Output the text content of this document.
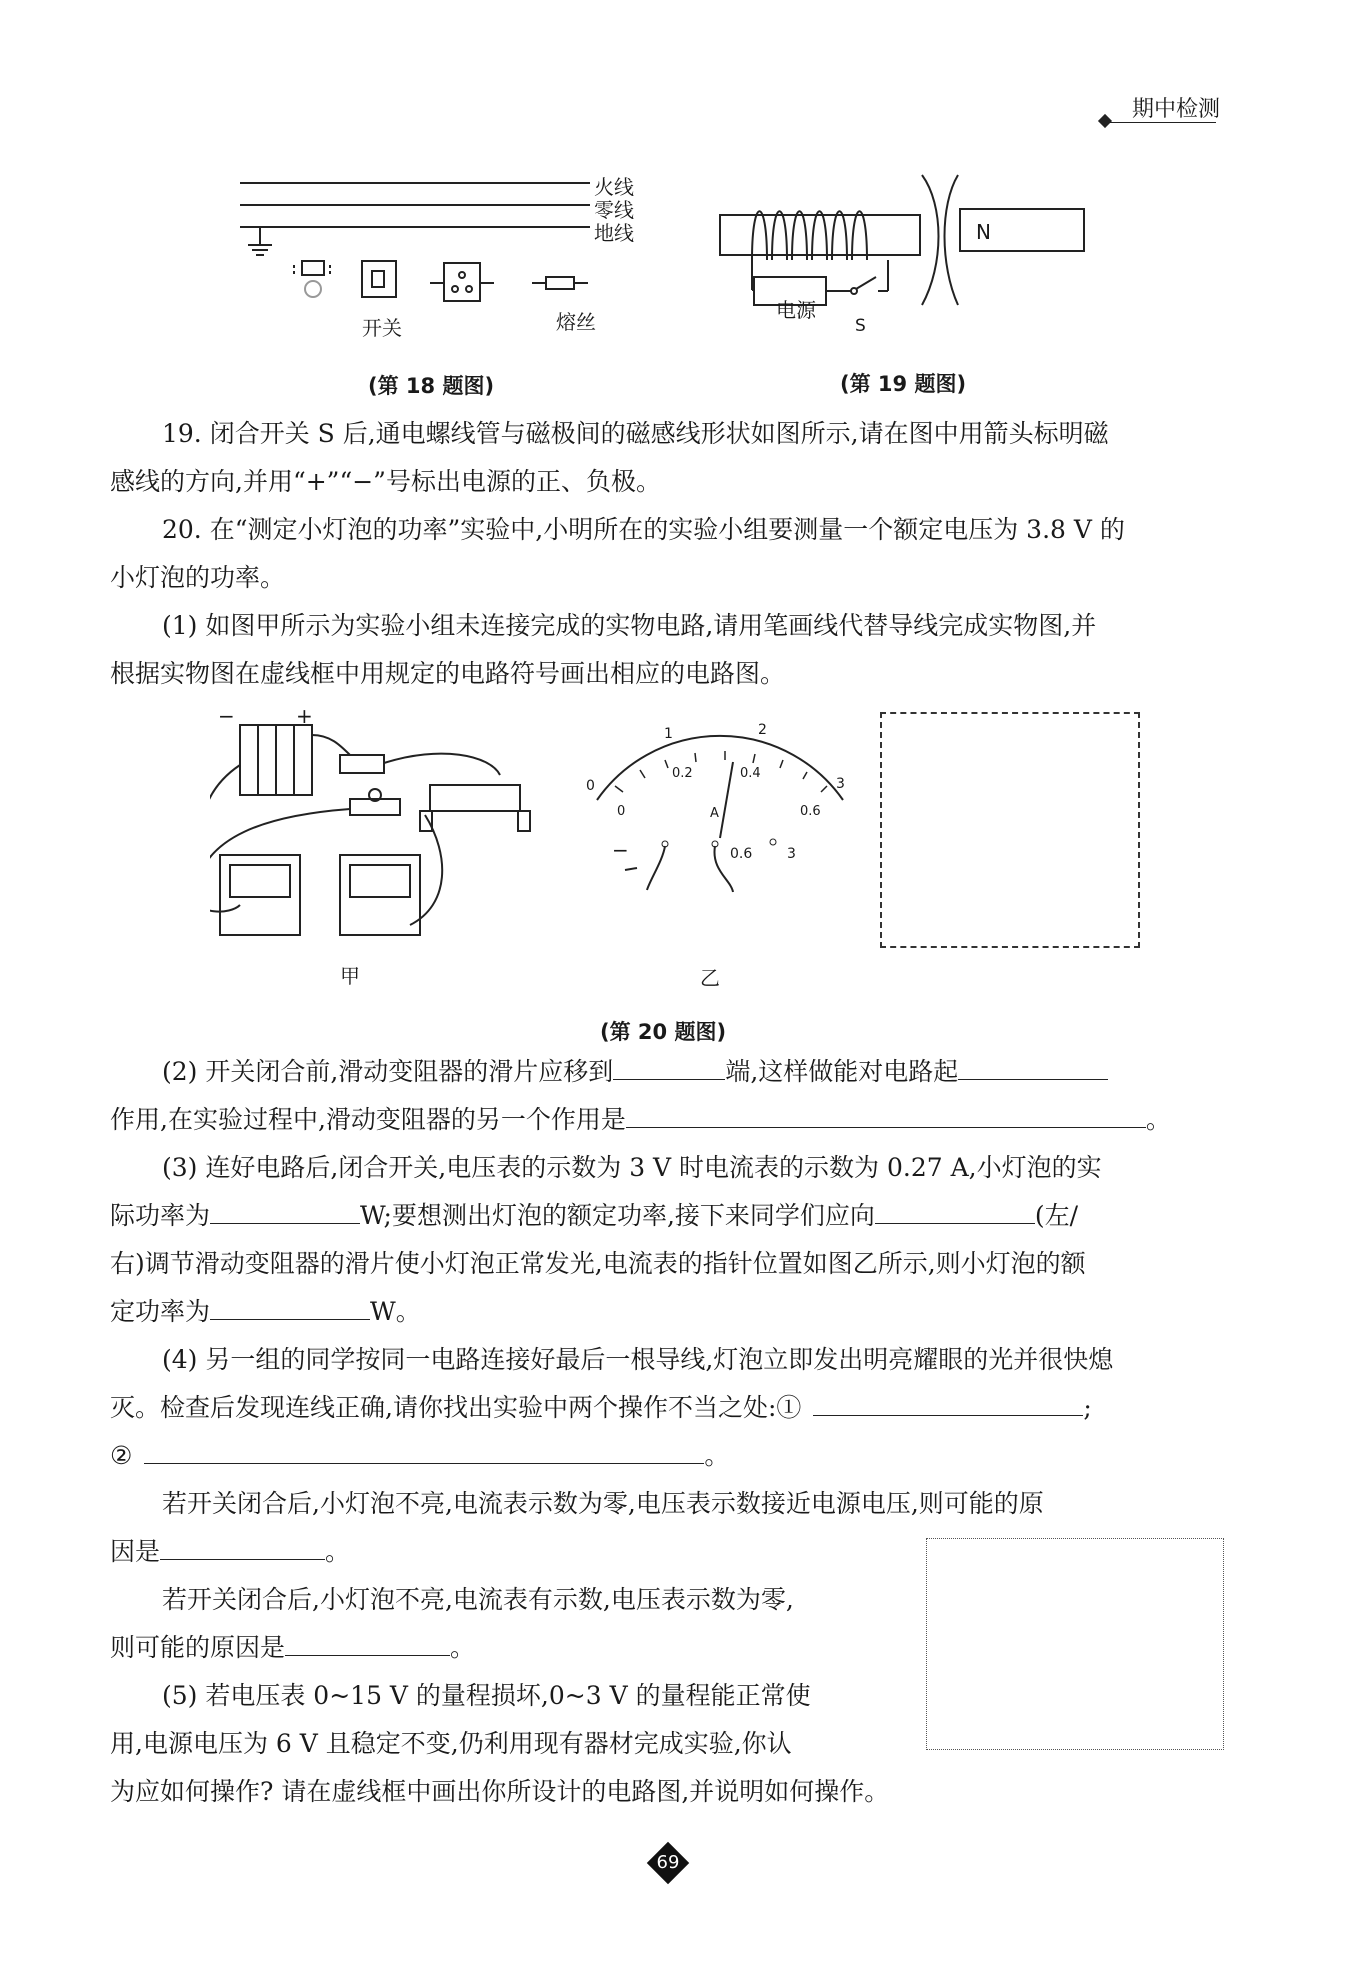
期中检测
火线
零线
地线
开关	熔丝
(第 18 题图)
N
电源
S
(第 19 题图)

19. 闭合开关 S 后,通电螺线管与磁极间的磁感线形状如图所示,请在图中用箭头标明磁

感线的方向,并用“+”“−”号标出电源的正、负极。

20. 在“测定小灯泡的功率”实验中,小明所在的实验小组要测量一个额定电压为 3.8 V 的

小灯泡的功率。

(1) 如图甲所示为实验小组未连接完成的实物电路,请用笔画线代替导线完成实物图,并

根据实物图在虚线框中用规定的电路符号画出相应的电路图。

−	+
甲
0
1	2
3
0
0.2	0.4
0.6
A
−	0.6 3
乙
(第 20 题图)

(2) 开关闭合前,滑动变阻器的滑片应移到	端,这样做能对电路起

作用,在实验过程中,滑动变阻器的另一个作用是	。

(3) 连好电路后,闭合开关,电压表的示数为 3 V 时电流表的示数为 0.27 A,小灯泡的实

际功率为	W;要想测出灯泡的额定功率,接下来同学们应向	(左/

右)调节滑动变阻器的滑片使小灯泡正常发光,电流表的指针位置如图乙所示,则小灯泡的额

定功率为	W。

(4) 另一组的同学按同一电路连接好最后一根导线,灯泡立即发出明亮耀眼的光并很快熄

灭。检查后发现连线正确,请你找出实验中两个操作不当之处:①	;

②	。

若开关闭合后,小灯泡不亮,电流表示数为零,电压表示数接近电源电压,则可能的原

因是	。

若开关闭合后,小灯泡不亮,电流表有示数,电压表示数为零,

则可能的原因是	。

(5) 若电压表 0~15 V 的量程损坏,0~3 V 的量程能正常使

用,电源电压为 6 V 且稳定不变,仍利用现有器材完成实验,你认

为应如何操作? 请在虚线框中画出你所设计的电路图,并说明如何操作。

69
